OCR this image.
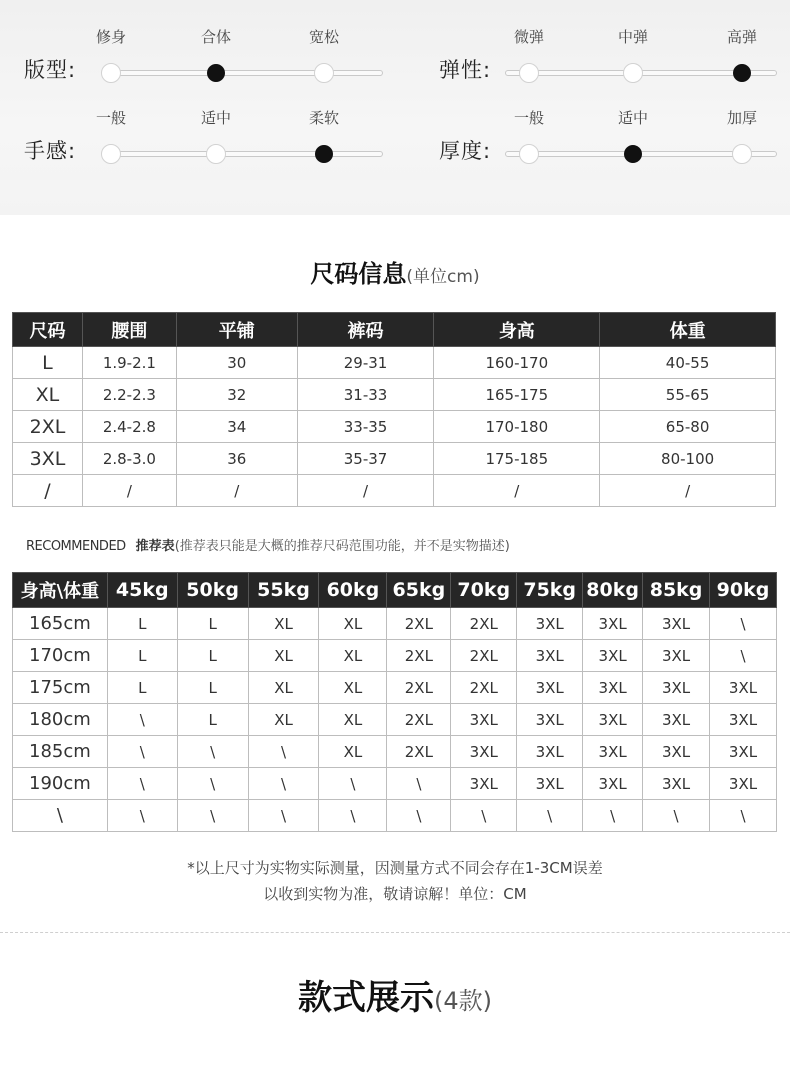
版型:
修身	合体	宽松
弹性:
微弹	中弹	高弹
手感:
一般	适中	柔软
厚度:
一般	适中	加厚
尺码信息(单位cm)
尺码	腰围	平铺	裤码	身高	体重
L	1.9-2.1	30	29-31	160-170	40-55
XL	2.2-2.3	32	31-33	165-175	55-65
2XL	2.4-2.8	34	33-35	170-180	65-80
3XL	2.8-3.0	36	35-37	175-185	80-100
/	/	/	/	/	/
RECOMMENDED 推荐表(推荐表只能是大概的推荐尺码范围功能，并不是实物描述)
身高\体重	45kg	50kg	55kg	60kg	65kg	70kg	75kg	80kg	85kg	90kg
165cm	L	L	XL	XL	2XL	2XL	3XL	3XL	3XL	\
170cm	L	L	XL	XL	2XL	2XL	3XL	3XL	3XL	\
175cm	L	L	XL	XL	2XL	2XL	3XL	3XL	3XL	3XL
180cm	\	L	XL	XL	2XL	3XL	3XL	3XL	3XL	3XL
185cm	\	\	\	XL	2XL	3XL	3XL	3XL	3XL	3XL
190cm	\	\	\	\	\	3XL	3XL	3XL	3XL	3XL
\	\	\	\	\	\	\	\	\	\	\
*以上尺寸为实物实际测量，因测量方式不同会存在1-3CM误差
以收到实物为准，敬请谅解！单位：CM
款式展示(4款)
